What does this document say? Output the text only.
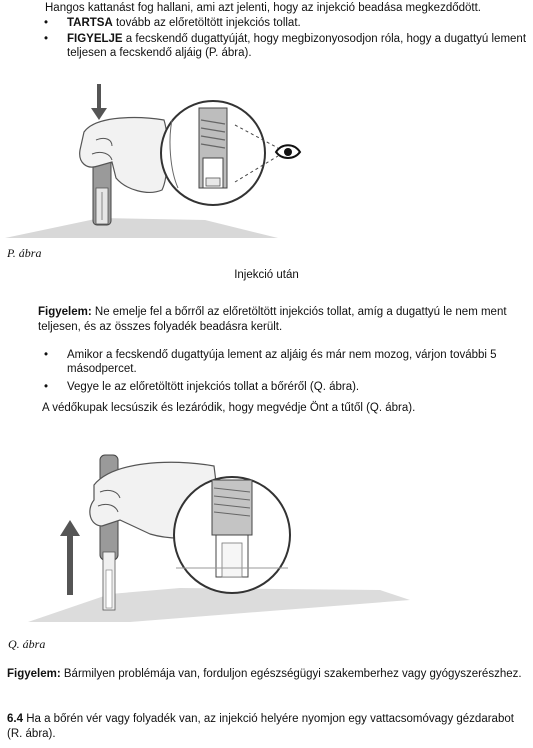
Hangos kattanást fog hallani, ami azt jelenti, hogy az injekció beadása megkezdődött.
• TARTSA tovább az előretöltött injekciós tollat.
• FIGYELJE a fecskendő dugattyúját, hogy megbizonyosodjon róla, hogy a dugattyú lement teljesen a fecskendő aljáig (P. ábra).
P. ábra
Injekció után
Figyelem: Ne emelje fel a bőrről az előretöltött injekciós tollat, amíg a dugattyú le nem ment teljesen, és az összes folyadék beadásra került.
• Amikor a fecskendő dugattyúja lement az aljáig és már nem mozog, várjon további 5 másodpercet.
• Vegye le az előretöltött injekciós tollat a bőréről (Q. ábra).
A védőkupak lecsúszik és lezáródik, hogy megvédje Önt a tűtől (Q. ábra).
Q. ábra
Figyelem: Bármilyen problémája van, forduljon egészségügyi szakemberhez vagy gyógyszerészhez.
6.4 Ha a bőrén vér vagy folyadék van, az injekció helyére nyomjon egy vattacsomóvagy gézdarabot (R. ábra).
